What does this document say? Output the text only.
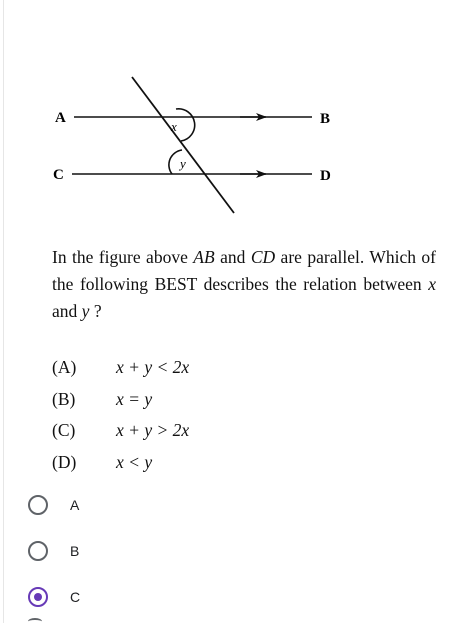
A	B
C	D
x
y
In the figure above AB and CD are parallel. Which of the following BEST describes the relation between x and y ?
(A)	x + y < 2x
(B)	x = y
(C)	x + y > 2x
(D)	x < y
A
B
C
